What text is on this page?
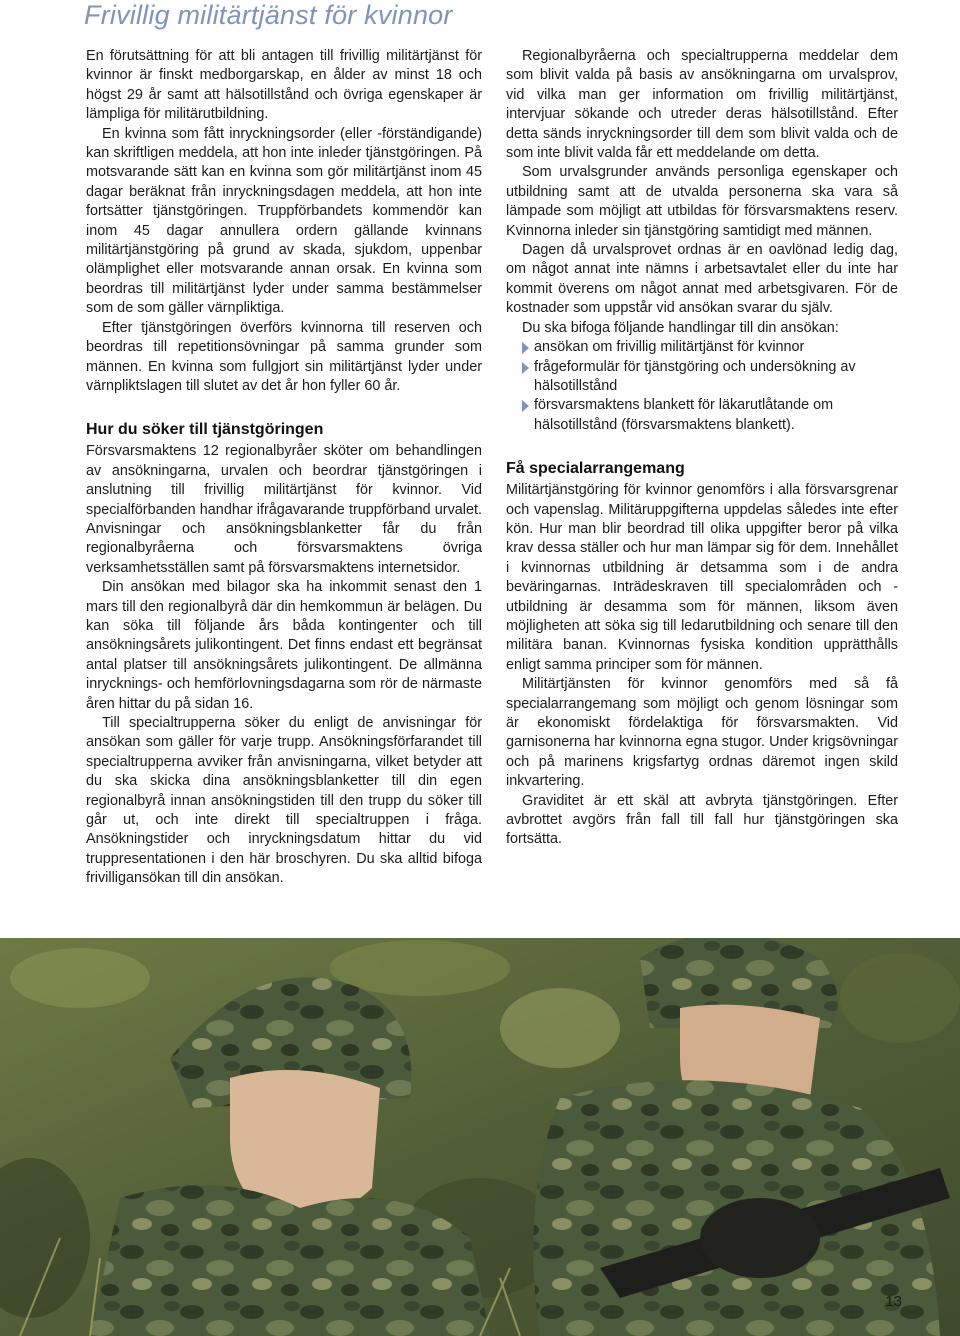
Frivillig militärtjänst för kvinnor

En förutsättning för att bli antagen till frivillig militärtjänst för kvinnor är finskt medborgarskap, en ålder av minst 18 och högst 29 år samt att hälsotillstånd och övriga egenskaper är lämpliga för militärutbildning.

En kvinna som fått inryckningsorder (eller -förständigande) kan skriftligen meddela, att hon inte inleder tjänstgöringen. På motsvarande sätt kan en kvinna som gör militärtjänst inom 45 dagar beräknat från inryckningsdagen meddela, att hon inte fortsätter tjänstgöringen. Truppförbandets kommendör kan inom 45 dagar annullera ordern gällande kvinnans militärtjänstgöring på grund av skada, sjukdom, uppenbar olämplighet eller motsvarande annan orsak. En kvinna som beordras till militärtjänst lyder under samma bestämmelser som de som gäller värnpliktiga.

Efter tjänstgöringen överförs kvinnorna till reserven och beordras till repetitionsövningar på samma grunder som männen. En kvinna som fullgjort sin militärtjänst lyder under värnpliktslagen till slutet av det år hon fyller 60 år.

Hur du söker till tjänstgöringen

Försvarsmaktens 12 regionalbyråer sköter om behandlingen av ansökningarna, urvalen och beordrar tjänstgöringen i anslutning till frivillig militärtjänst för kvinnor. Vid specialförbanden handhar ifrågavarande truppförband urvalet. Anvisningar och ansökningsblanketter får du från regionalbyråerna och försvarsmaktens övriga verksamhetsställen samt på försvarsmaktens internetsidor.

Din ansökan med bilagor ska ha inkommit senast den 1 mars till den regionalbyrå där din hemkommun är belägen. Du kan söka till följande års båda kontingenter och till ansökningsårets julikontingent. Det finns endast ett begränsat antal platser till ansökningsårets julikontingent. De allmänna inrycknings- och hemförlovningsdagarna som rör de närmaste åren hittar du på sidan 16.

Till specialtrupperna söker du enligt de anvisningar för ansökan som gäller för varje trupp. Ansökningsförfarandet till specialtrupperna avviker från anvisningarna, vilket betyder att du ska skicka dina ansökningsblanketter till din egen regionalbyrå innan ansökningstiden till den trupp du söker till går ut, och inte direkt till specialtruppen i fråga. Ansökningstider och inryckningsdatum hittar du vid truppresentationen i den här broschyren. Du ska alltid bifoga frivilligansökan till din ansökan.

Regionalbyråerna och specialtrupperna meddelar dem som blivit valda på basis av ansökningarna om urvalsprov, vid vilka man ger information om frivillig militärtjänst, intervjuar sökande och utreder deras hälsotillstånd. Efter detta sänds inryckningsorder till dem som blivit valda och de som inte blivit valda får ett meddelande om detta.

Som urvalsgrunder används personliga egenskaper och utbildning samt att de utvalda personerna ska vara så lämpade som möjligt att utbildas för försvarsmaktens reserv. Kvinnorna inleder sin tjänstgöring samtidigt med männen.

Dagen då urvalsprovet ordnas är en oavlönad ledig dag, om något annat inte nämns i arbetsavtalet eller du inte har kommit överens om något annat med arbetsgivaren. För de kostnader som uppstår vid ansökan svarar du själv.

Du ska bifoga följande handlingar till din ansökan:

ansökan om frivillig militärtjänst för kvinnor
frågeformulär för tjänstgöring och undersökning av hälsotillstånd
försvarsmaktens blankett för läkarutlåtande om hälsotillstånd (försvarsmaktens blankett).
Få specialarrangemang

Militärtjänstgöring för kvinnor genomförs i alla försvarsgrenar och vapenslag. Militäruppgifterna uppdelas således inte efter kön. Hur man blir beordrad till olika uppgifter beror på vilka krav dessa ställer och hur man lämpar sig för dem. Innehållet i kvinnornas utbildning är detsamma som i de andra beväringarnas. Inträdeskraven till specialområden och -utbildning är desamma som för männen, liksom även möjligheten att söka sig till ledarutbildning och senare till den militära banan. Kvinnornas fysiska kondition upprätthålls enligt samma principer som för männen.

Militärtjänsten för kvinnor genomförs med så få specialarrangemang som möjligt och genom lösningar som är ekonomiskt fördelaktiga för försvarsmakten. Vid garnisonerna har kvinnorna egna stugor. Under krigsövningar och på marinens krigsfartyg ordnas däremot ingen skild inkvartering.

Graviditet är ett skäl att avbryta tjänstgöringen. Efter avbrottet avgörs från fall till fall hur tjänstgöringen ska fortsätta.

13
